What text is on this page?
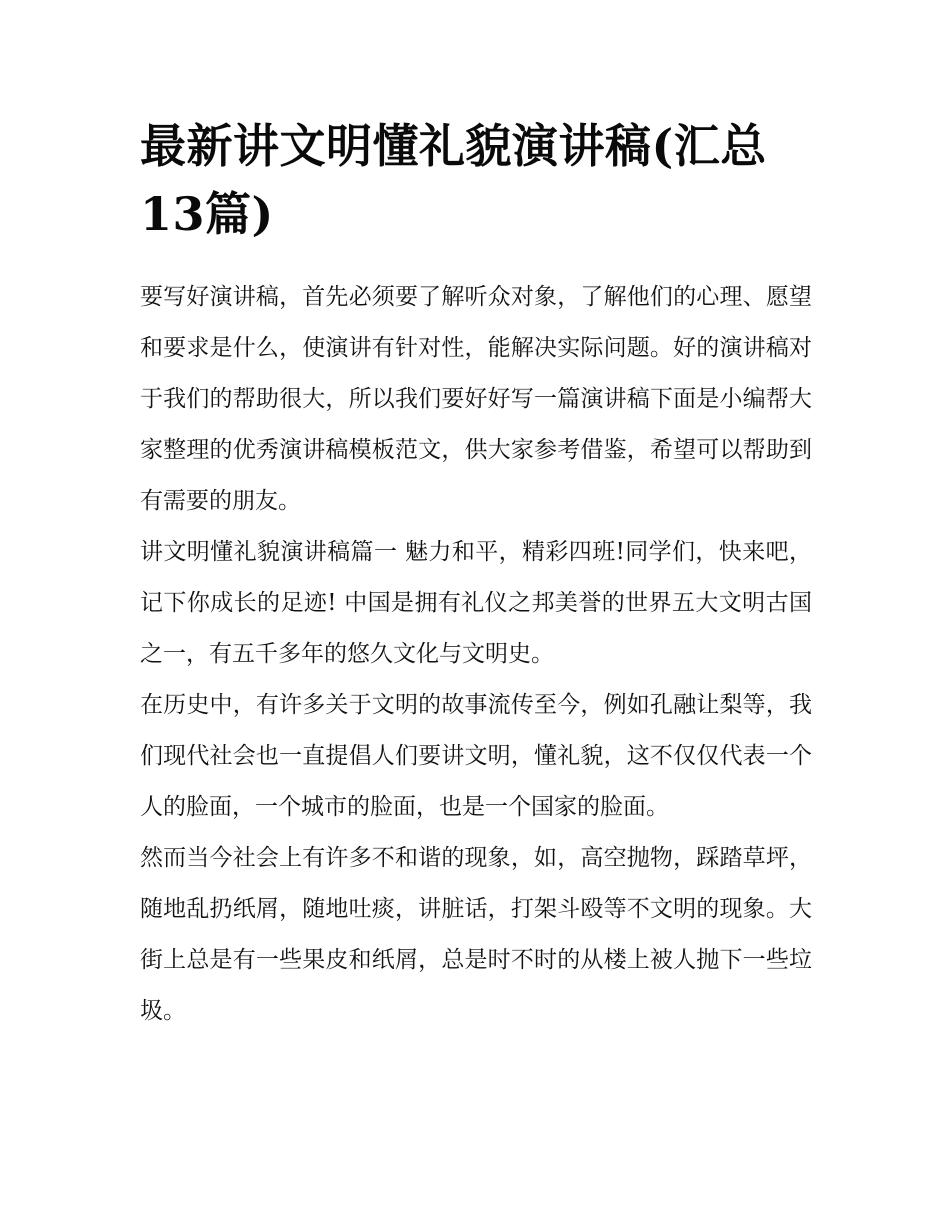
最新讲文明懂礼貌演讲稿(汇总13篇)

要写好演讲稿，首先必须要了解听众对象，了解他们的心理、愿望和要求是什么，使演讲有针对性，能解决实际问题。好的演讲稿对于我们的帮助很大，所以我们要好好写一篇演讲稿下面是小编帮大家整理的优秀演讲稿模板范文，供大家参考借鉴，希望可以帮助到有需要的朋友。

讲文明懂礼貌演讲稿篇一 魅力和平，精彩四班!同学们，快来吧，记下你成长的足迹! 中国是拥有礼仪之邦美誉的世界五大文明古国之一，有五千多年的悠久文化与文明史。

在历史中，有许多关于文明的故事流传至今，例如孔融让梨等，我们现代社会也一直提倡人们要讲文明，懂礼貌，这不仅仅代表一个人的脸面，一个城市的脸面，也是一个国家的脸面。

然而当今社会上有许多不和谐的现象，如，高空抛物，踩踏草坪，随地乱扔纸屑，随地吐痰，讲脏话，打架斗殴等不文明的现象。大街上总是有一些果皮和纸屑，总是时不时的从楼上被人抛下一些垃圾。
